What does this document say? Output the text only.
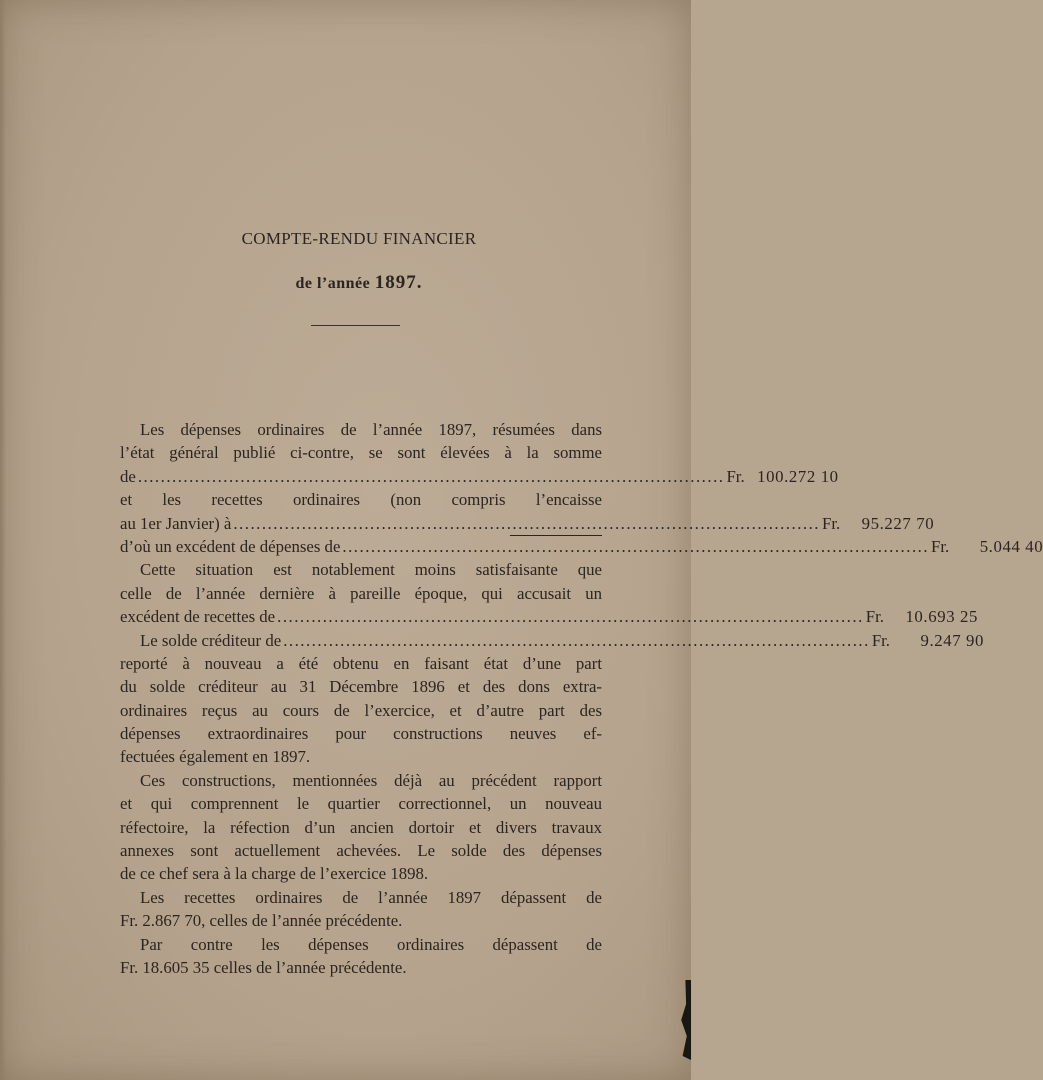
COMPTE-RENDU FINANCIER
de l’année 1897.
Les dépenses ordinaires de l’année 1897, résumées dans
l’état général publié ci-contre, se sont élevées à la somme
de ....................................................................................................... Fr. 100.272 10
et les recettes ordinaires (non compris l’encaisse
au 1er Janvier) à ....................................................................................................... Fr.	95.227 70
d’où un excédent de dépenses de ....................................................................................................... Fr.	5.044 40
Cette situation est notablement moins satisfaisante que
celle de l’année dernière à pareille époque, qui accusait un
excédent de recettes de ....................................................................................................... Fr.	10.693 25
Le solde créditeur de ....................................................................................................... Fr.	9.247 90
reporté à nouveau a été obtenu en faisant état d’une part
du solde créditeur au 31 Décembre 1896 et des dons extra-
ordinaires reçus au cours de l’exercice, et d’autre part des
dépenses extraordinaires pour constructions neuves ef-
fectuées également en 1897.
Ces constructions, mentionnées déjà au précédent rapport
et qui comprennent le quartier correctionnel, un nouveau
réfectoire, la réfection d’un ancien dortoir et divers travaux
annexes sont actuellement achevées. Le solde des dépenses
de ce chef sera à la charge de l’exercice 1898.
Les recettes ordinaires de l’année 1897 dépassent de
Fr. 2.867 70, celles de l’année précédente.
Par contre les dépenses ordinaires dépassent de
Fr. 18.605 35 celles de l’année précédente.
